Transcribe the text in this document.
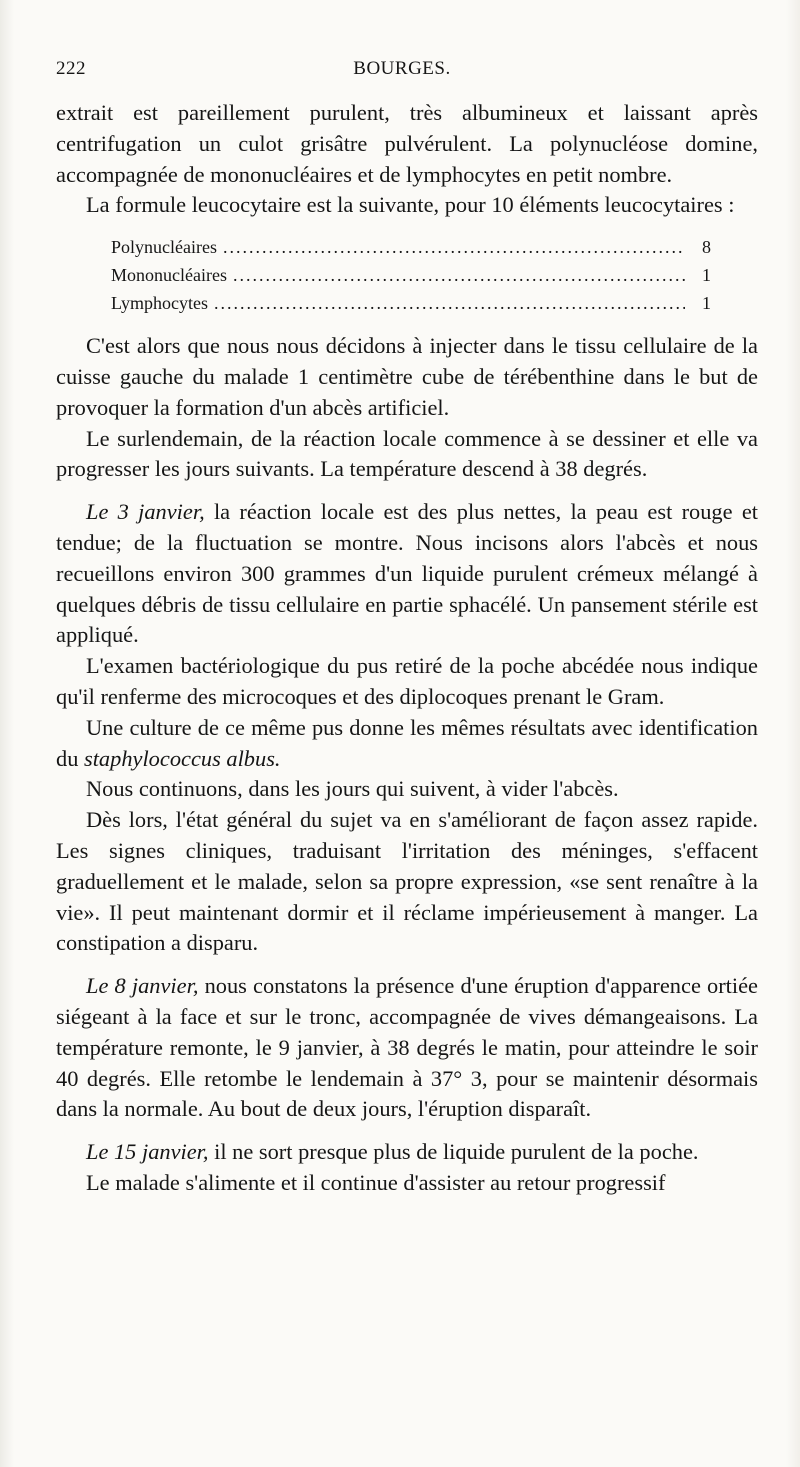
222	BOURGES.

extrait est pareillement purulent, très albumineux et laissant après centrifugation un culot grisâtre pulvérulent. La polynucléose domine, accompagnée de mononucléaires et de lymphocytes en petit nombre.

La formule leucocytaire est la suivante, pour 10 éléments leucocytaires :

Polynucléaires .....	8
Mononucléaires .....	1
Lymphocytes .....	1

C'est alors que nous nous décidons à injecter dans le tissu cellulaire de la cuisse gauche du malade 1 centimètre cube de térébenthine dans le but de provoquer la formation d'un abcès artificiel.

Le surlendemain, de la réaction locale commence à se dessiner et elle va progresser les jours suivants. La température descend à 38 degrés.

Le 3 janvier, la réaction locale est des plus nettes, la peau est rouge et tendue; de la fluctuation se montre. Nous incisons alors l'abcès et nous recueillons environ 300 grammes d'un liquide purulent crémeux mélangé à quelques débris de tissu cellulaire en partie sphacélé. Un pansement stérile est appliqué.

L'examen bactériologique du pus retiré de la poche abcédée nous indique qu'il renferme des microcoques et des diplocoques prenant le Gram.

Une culture de ce même pus donne les mêmes résultats avec identification du staphylococcus albus.

Nous continuons, dans les jours qui suivent, à vider l'abcès.

Dès lors, l'état général du sujet va en s'améliorant de façon assez rapide. Les signes cliniques, traduisant l'irritation des méninges, s'effacent graduellement et le malade, selon sa propre expression, «se sent renaître à la vie». Il peut maintenant dormir et il réclame impérieusement à manger. La constipation a disparu.

Le 8 janvier, nous constatons la présence d'une éruption d'apparence ortiée siégeant à la face et sur le tronc, accompagnée de vives démangeaisons. La température remonte, le 9 janvier, à 38 degrés le matin, pour atteindre le soir 40 degrés. Elle retombe le lendemain à 37° 3, pour se maintenir désormais dans la normale. Au bout de deux jours, l'éruption disparaît.

Le 15 janvier, il ne sort presque plus de liquide purulent de la poche.

Le malade s'alimente et il continue d'assister au retour progressif
